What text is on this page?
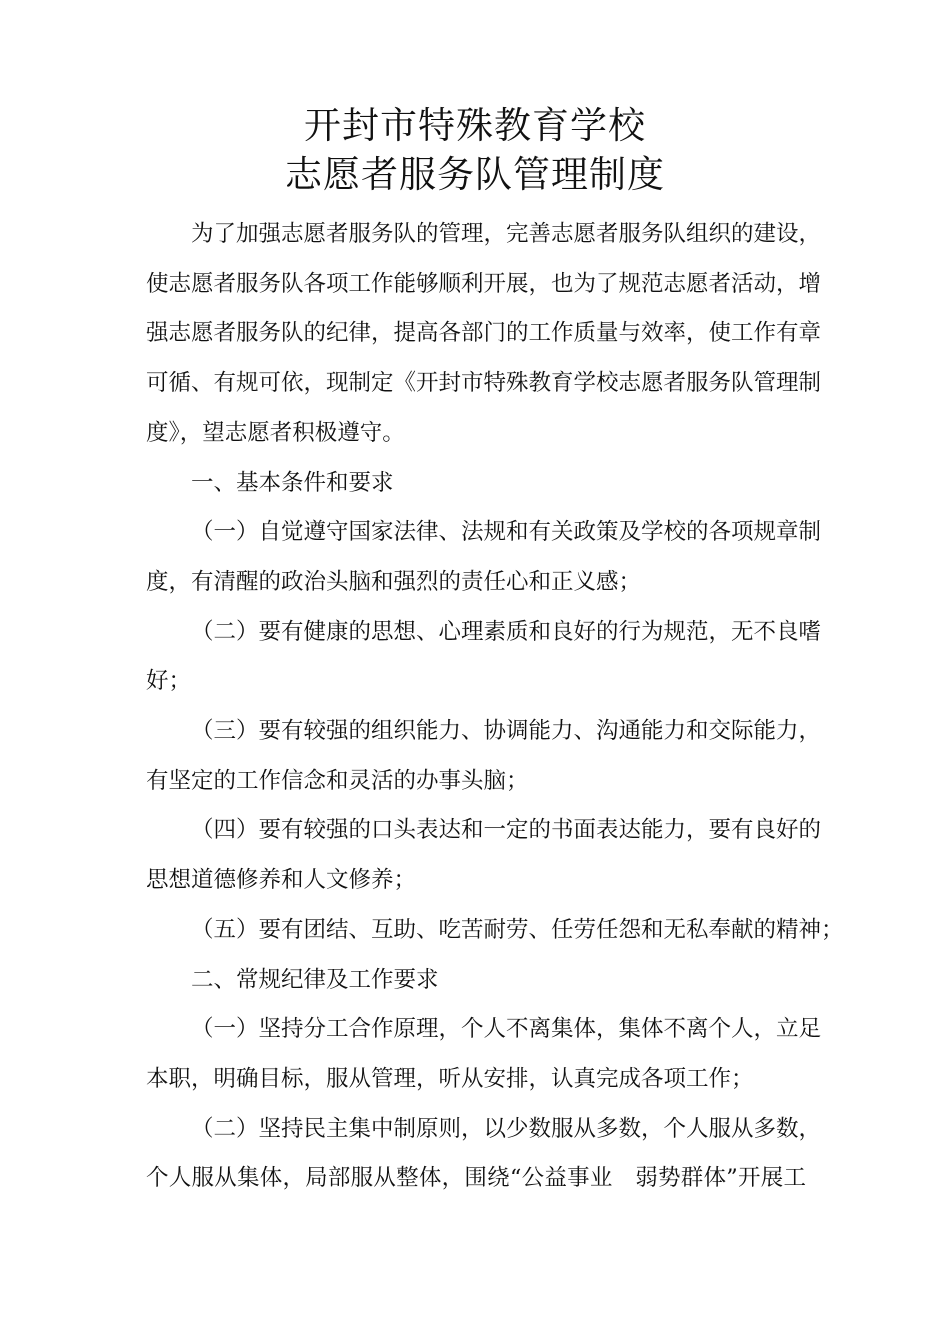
开封市特殊教育学校
志愿者服务队管理制度

为了加强志愿者服务队的管理，完善志愿者服务队组织的建设，
使志愿者服务队各项工作能够顺利开展，也为了规范志愿者活动，增
强志愿者服务队的纪律，提高各部门的工作质量与效率，使工作有章
可循、有规可依，现制定《开封市特殊教育学校志愿者服务队管理制
度》，望志愿者积极遵守。

一、基本条件和要求

（一）自觉遵守国家法律、法规和有关政策及学校的各项规章制
度，有清醒的政治头脑和强烈的责任心和正义感；

（二）要有健康的思想、心理素质和良好的行为规范，无不良嗜
好；

（三）要有较强的组织能力、协调能力、沟通能力和交际能力，
有坚定的工作信念和灵活的办事头脑；

（四）要有较强的口头表达和一定的书面表达能力，要有良好的
思想道德修养和人文修养；

（五）要有团结、互助、吃苦耐劳、任劳任怨和无私奉献的精神；

二、常规纪律及工作要求

（一）坚持分工合作原理，个人不离集体，集体不离个人，立足
本职，明确目标，服从管理，听从安排，认真完成各项工作；

（二）坚持民主集中制原则，以少数服从多数，个人服从多数，
个人服从集体，局部服从整体，围绕“公益事业　弱势群体”开展工
